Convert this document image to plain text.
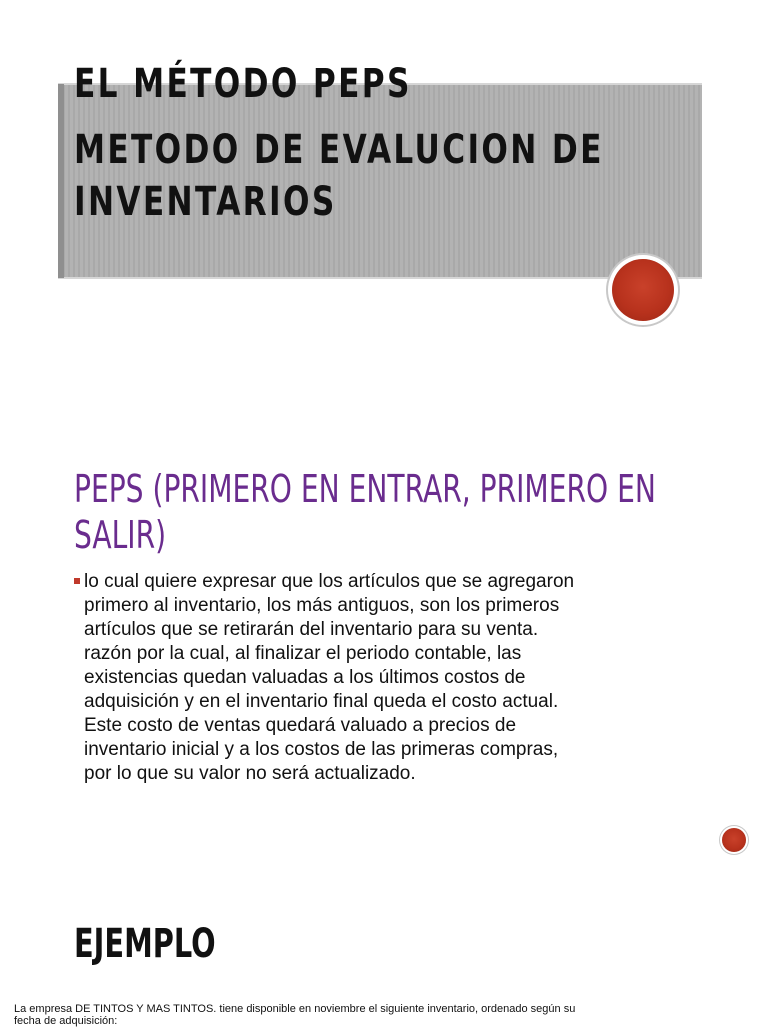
EL MÉTODO PEPS
METODO DE EVALUCION DE
INVENTARIOS
PEPS (PRIMERO EN ENTRAR, PRIMERO EN
SALIR)
lo cual quiere expresar que los artículos que se agregaron
primero al inventario, los más antiguos, son los primeros
artículos que se retirarán del inventario para su venta.
razón por la cual, al finalizar el periodo contable, las
existencias quedan valuadas a los últimos costos de
adquisición y en el inventario final queda el costo actual.
Este costo de ventas quedará valuado a precios de
inventario inicial y a los costos de las primeras compras,
por lo que su valor no será actualizado.
EJEMPLO

La empresa DE TINTOS Y MAS TINTOS. tiene disponible en noviembre el siguiente inventario, ordenado según su
fecha de adquisición:
